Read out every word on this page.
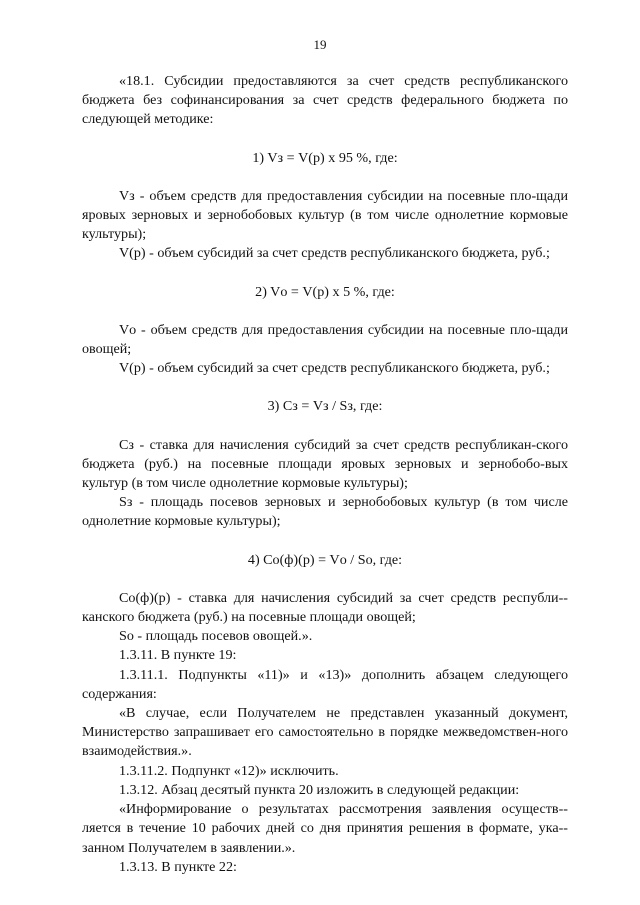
19

«18.1. Субсидии предоставляются за счет средств республиканского бюджета без софинансирования за счет средств федерального бюджета по следующей методике:

1) Vз = V(р) x 95 %, где:

Vз - объем средств для предоставления субсидии на посевные пло-щади яровых зерновых и зернобобовых культур (в том числе однолетние кормовые культуры);

V(р) - объем субсидий за счет средств республиканского бюджета, руб.;

2) Vо = V(р) x 5 %, где:

Vо - объем средств для предоставления субсидии на посевные пло-щади овощей;

V(р) - объем субсидий за счет средств республиканского бюджета, руб.;

3) Сз = Vз / Sз, где:

Сз - ставка для начисления субсидий за счет средств республикан-ского бюджета (руб.) на посевные площади яровых зерновых и зернобобо-вых культур (в том числе однолетние кормовые культуры);

Sз - площадь посевов зерновых и зернобобовых культур (в том числе однолетние кормовые культуры);

4) Со(ф)(р) = Vо / Sо, где:

Со(ф)(р) - ставка для начисления субсидий за счет средств республи-канского бюджета (руб.) на посевные площади овощей;

Sо - площадь посевов овощей.».

1.3.11. В пункте 19:

1.3.11.1. Подпункты «11)» и «13)» дополнить абзацем следующего содержания:

«В случае, если Получателем не представлен указанный документ, Министерство запрашивает его самостоятельно в порядке межведомствен-ного взаимодействия.».

1.3.11.2. Подпункт «12)» исключить.

1.3.12. Абзац десятый пункта 20 изложить в следующей редакции:

«Информирование о результатах рассмотрения заявления осуществ-ляется в течение 10 рабочих дней со дня принятия решения в формате, ука-занном Получателем в заявлении.».

1.3.13. В пункте 22:
